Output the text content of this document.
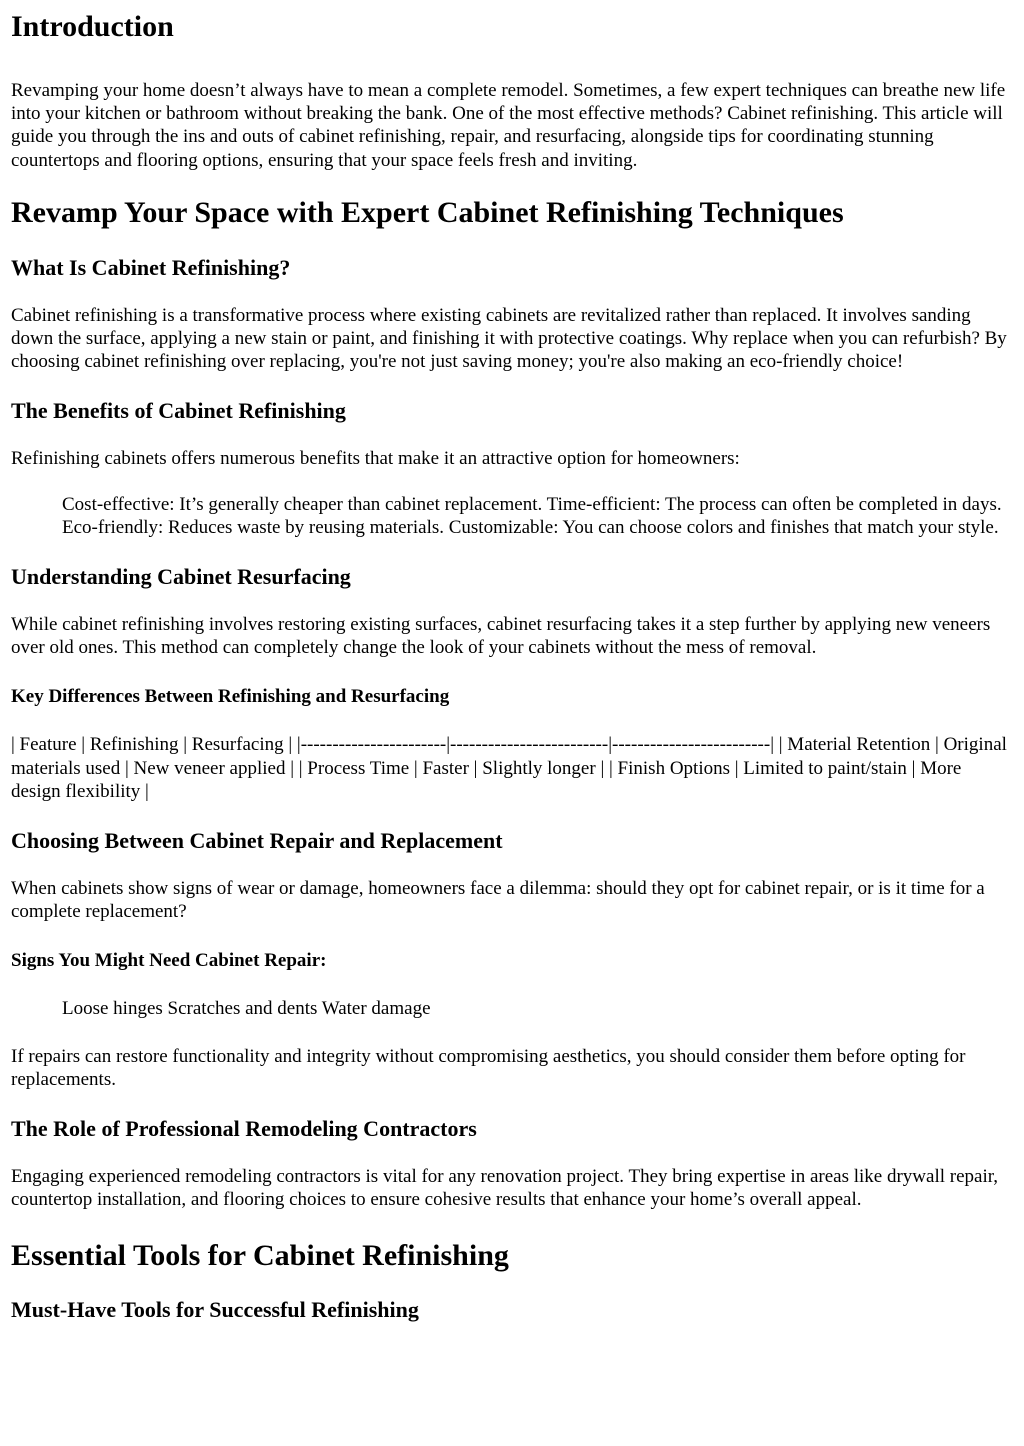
Introduction

Revamping your home doesn’t always have to mean a complete remodel. Sometimes, a few expert techniques can breathe new life into your kitchen or bathroom without breaking the bank. One of the most effective methods? Cabinet refinishing. This article will guide you through the ins and outs of cabinet refinishing, repair, and resurfacing, alongside tips for coordinating stunning countertops and flooring options, ensuring that your space feels fresh and inviting.

Revamp Your Space with Expert Cabinet Refinishing Techniques
What Is Cabinet Refinishing?

Cabinet refinishing is a transformative process where existing cabinets are revitalized rather than replaced. It involves sanding down the surface, applying a new stain or paint, and finishing it with protective coatings. Why replace when you can refurbish? By choosing cabinet refinishing over replacing, you're not just saving money; you're also making an eco-friendly choice!

The Benefits of Cabinet Refinishing

Refinishing cabinets offers numerous benefits that make it an attractive option for homeowners:

Cost-effective: It’s generally cheaper than cabinet replacement. Time-efficient: The process can often be completed in days. Eco-friendly: Reduces waste by reusing materials. Customizable: You can choose colors and finishes that match your style.
Understanding Cabinet Resurfacing

While cabinet refinishing involves restoring existing surfaces, cabinet resurfacing takes it a step further by applying new veneers over old ones. This method can completely change the look of your cabinets without the mess of removal.

Key Differences Between Refinishing and Resurfacing

| Feature | Refinishing | Resurfacing | |-----------------------|-------------------------|-------------------------| | Material Retention | Original materials used | New veneer applied | | Process Time | Faster | Slightly longer | | Finish Options | Limited to paint/stain | More design flexibility |

Choosing Between Cabinet Repair and Replacement

When cabinets show signs of wear or damage, homeowners face a dilemma: should they opt for cabinet repair, or is it time for a complete replacement?

Signs You Might Need Cabinet Repair:
Loose hinges Scratches and dents Water damage

If repairs can restore functionality and integrity without compromising aesthetics, you should consider them before opting for replacements.

The Role of Professional Remodeling Contractors

Engaging experienced remodeling contractors is vital for any renovation project. They bring expertise in areas like drywall repair, countertop installation, and flooring choices to ensure cohesive results that enhance your home’s overall appeal.

Essential Tools for Cabinet Refinishing
Must-Have Tools for Successful Refinishing
